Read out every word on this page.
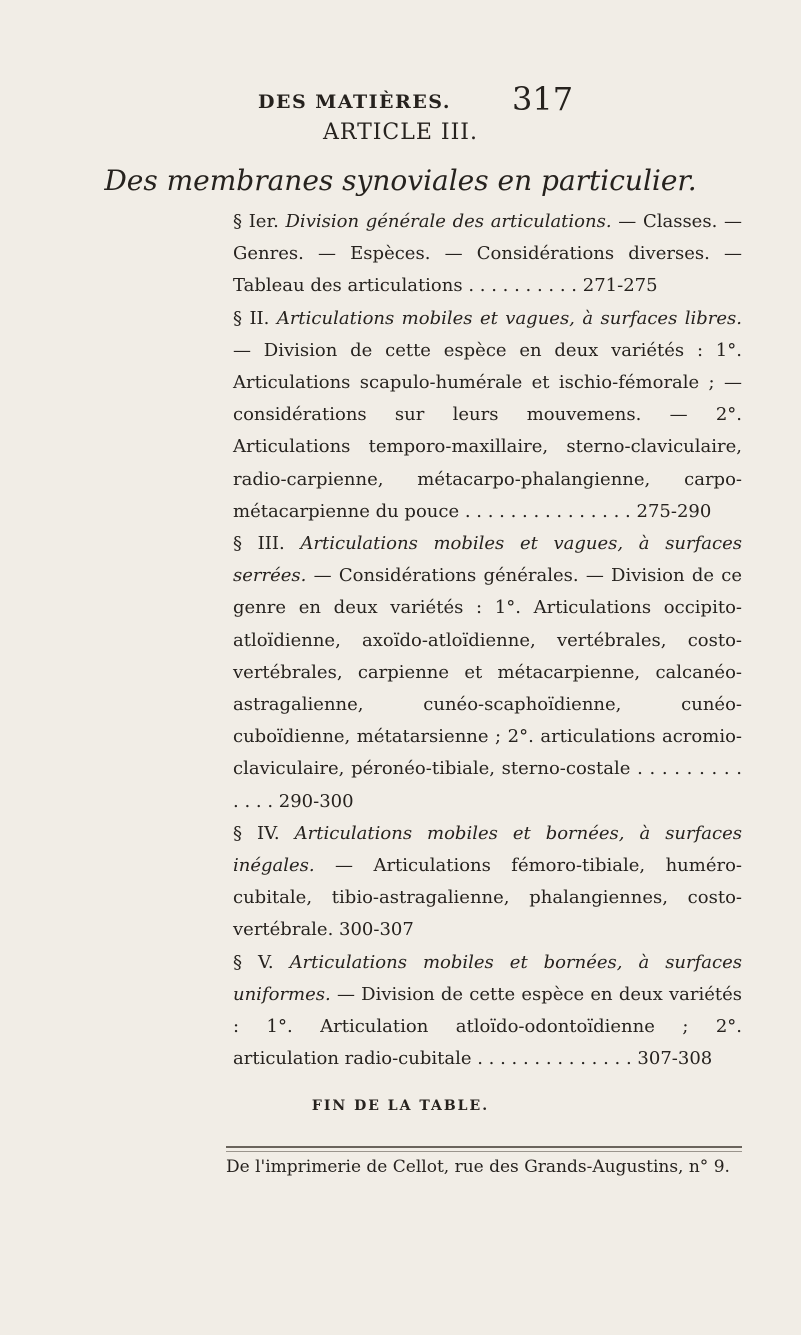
DES MATIÈRES. 317
ARTICLE III.
Des membranes synoviales en particulier.

§ Ier. Division générale des articulations. — Classes. — Genres. — Espèces. — Considérations diverses. — Tableau des articulations . . . . . . . . . . 271-275

§ II. Articulations mobiles et vagues, à surfaces libres. — Division de cette espèce en deux variétés : 1°. Articulations scapulo-humérale et ischio-fémorale ; — considérations sur leurs mouvemens. — 2°. Articulations temporo-maxillaire, sterno-claviculaire, radio-carpienne, métacarpo-phalangienne, carpo-métacarpienne du pouce . . . . . . . . . . . . . . . 275-290

§ III. Articulations mobiles et vagues, à surfaces serrées. — Considérations générales. — Division de ce genre en deux variétés : 1°. Articulations occipito-atloïdienne, axoïdo-atloïdienne, vertébrales, costo-vertébrales, carpienne et métacarpienne, calcanéo-astragalienne, cunéo-scaphoïdienne, cunéo-cuboïdienne, métatarsienne ; 2°. articulations acromio-claviculaire, péronéo-tibiale, sterno-costale . . . . . . . . . . . . . 290-300

§ IV. Articulations mobiles et bornées, à surfaces inégales. — Articulations fémoro-tibiale, huméro-cubitale, tibio-astragalienne, phalangiennes, costo-vertébrale. 300-307

§ V. Articulations mobiles et bornées, à surfaces uniformes. — Division de cette espèce en deux variétés : 1°. Articulation atloïdo-odontoïdienne ; 2°. articulation radio-cubitale . . . . . . . . . . . . . . 307-308

FIN DE LA TABLE.
De l'imprimerie de Cellot, rue des Grands-Augustins, n° 9.
